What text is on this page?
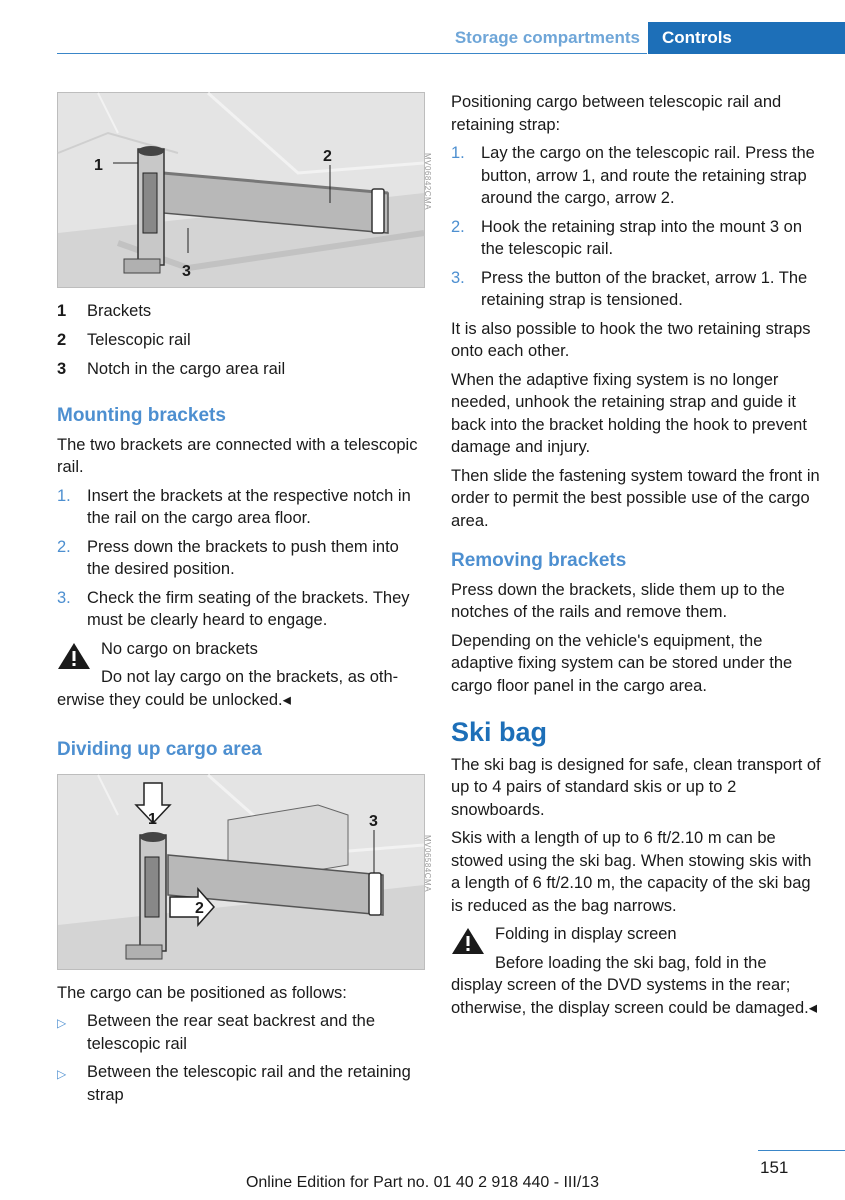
Storage compartments	Controls
1
2
3
MV06842CMA
1	Brackets
2	Telescopic rail
3	Notch in the cargo area rail
Mounting brackets

The two brackets are connected with a telescopic rail.

1. Insert the brackets at the respective notch in the rail on the cargo area floor.
2. Press down the brackets to push them into the desired position.
3. Check the firm seating of the brackets. They must be clearly heard to engage.
No cargo on brackets
Do not lay cargo on the brackets, as otherwise they could be unlocked.◂
Dividing up cargo area
1
2
3
MV06584CMA

The cargo can be positioned as follows:

▷	Between the rear seat backrest and the telescopic rail
▷	Between the telescopic rail and the retaining strap

Positioning cargo between telescopic rail and retaining strap:

1. Lay the cargo on the telescopic rail. Press the button, arrow 1, and route the retaining strap around the cargo, arrow 2.
2. Hook the retaining strap into the mount 3 on the telescopic rail.
3. Press the button of the bracket, arrow 1. The retaining strap is tensioned.

It is also possible to hook the two retaining straps onto each other.

When the adaptive fixing system is no longer needed, unhook the retaining strap and guide it back into the bracket holding the hook to prevent damage and injury.

Then slide the fastening system toward the front in order to permit the best possible use of the cargo area.

Removing brackets

Press down the brackets, slide them up to the notches of the rails and remove them.

Depending on the vehicle's equipment, the adaptive fixing system can be stored under the cargo floor panel in the cargo area.

Ski bag

The ski bag is designed for safe, clean transport of up to 4 pairs of standard skis or up to 2 snowboards.

Skis with a length of up to 6 ft/2.10 m can be stowed using the ski bag. When stowing skis with a length of 6 ft/2.10 m, the capacity of the ski bag is reduced as the bag narrows.

Folding in display screen
Before loading the ski bag, fold in the display screen of the DVD systems in the rear; otherwise, the display screen could be damaged.◂
151
Online Edition for Part no. 01 40 2 918 440 - III/13
